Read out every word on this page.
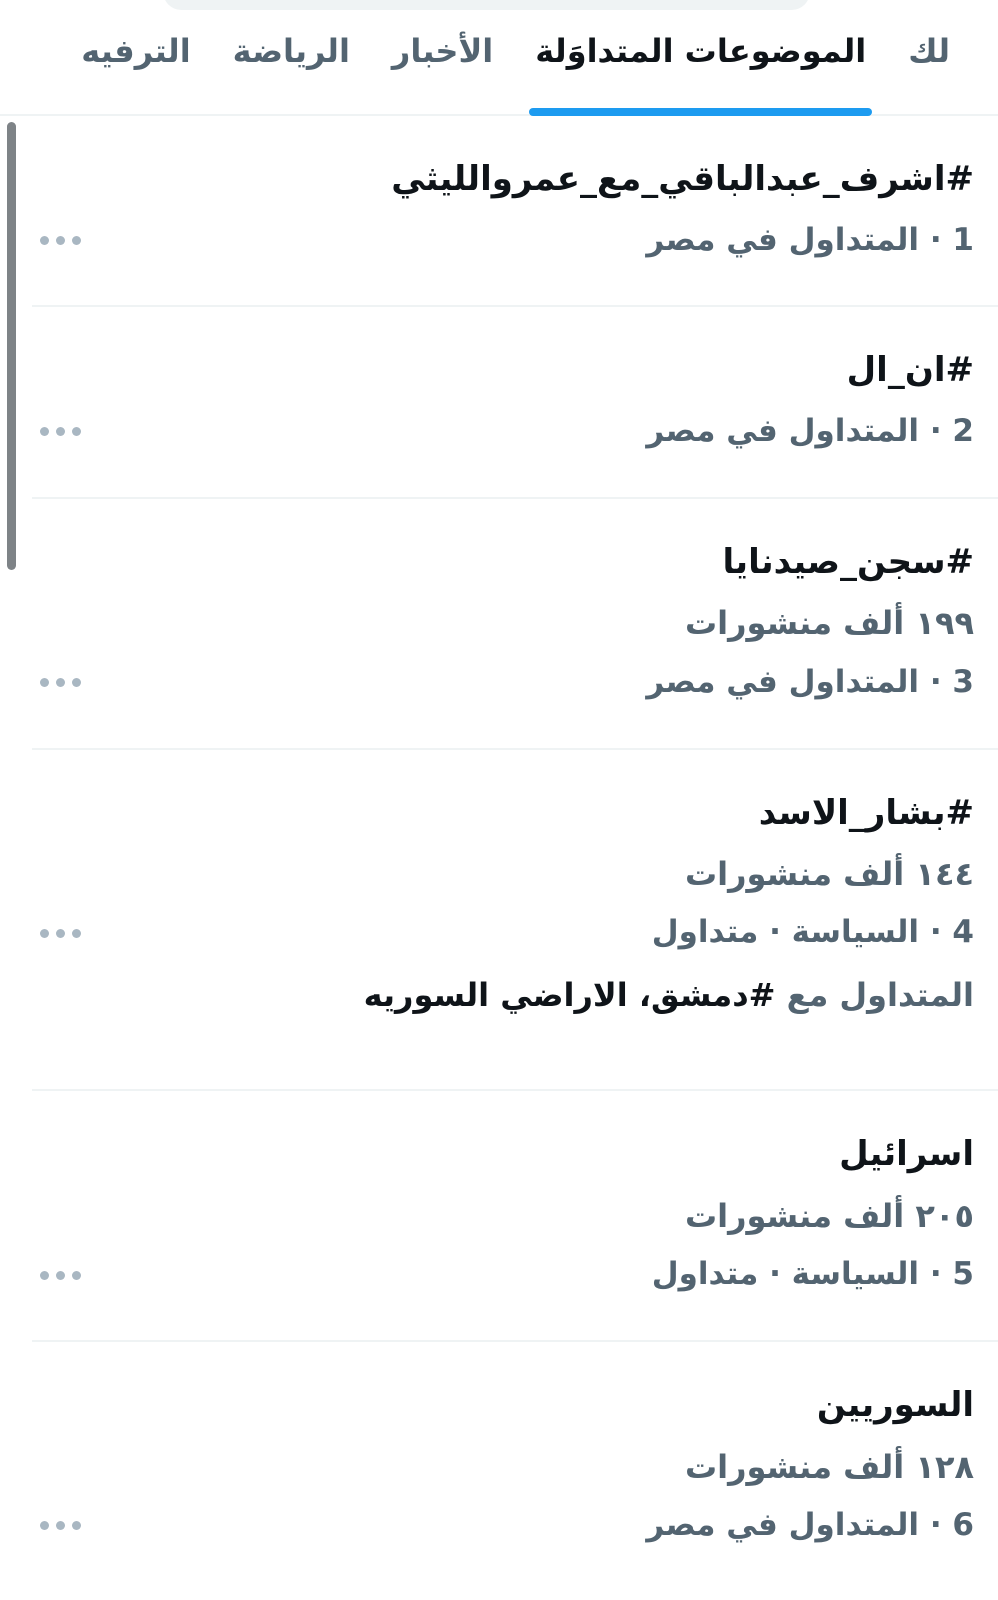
لك
الموضوعات المتداوَلة
الأخبار
الرياضة
الترفيه
#اشرف_عبدالباقي_مع_عمروالليثي
1 · المتداول في مصر
#ان_ال
2 · المتداول في مصر
#سجن_صيدنايا
١٩٩ ألف منشورات
3 · المتداول في مصر
#بشار_الاسد
١٤٤ ألف منشورات
4 · السياسة · متداول
المتداول مع #دمشق، الاراضي السوريه
اسرائيل
٢٠٥ ألف منشورات
5 · السياسة · متداول
السوريين
١٢٨ ألف منشورات
6 · المتداول في مصر
